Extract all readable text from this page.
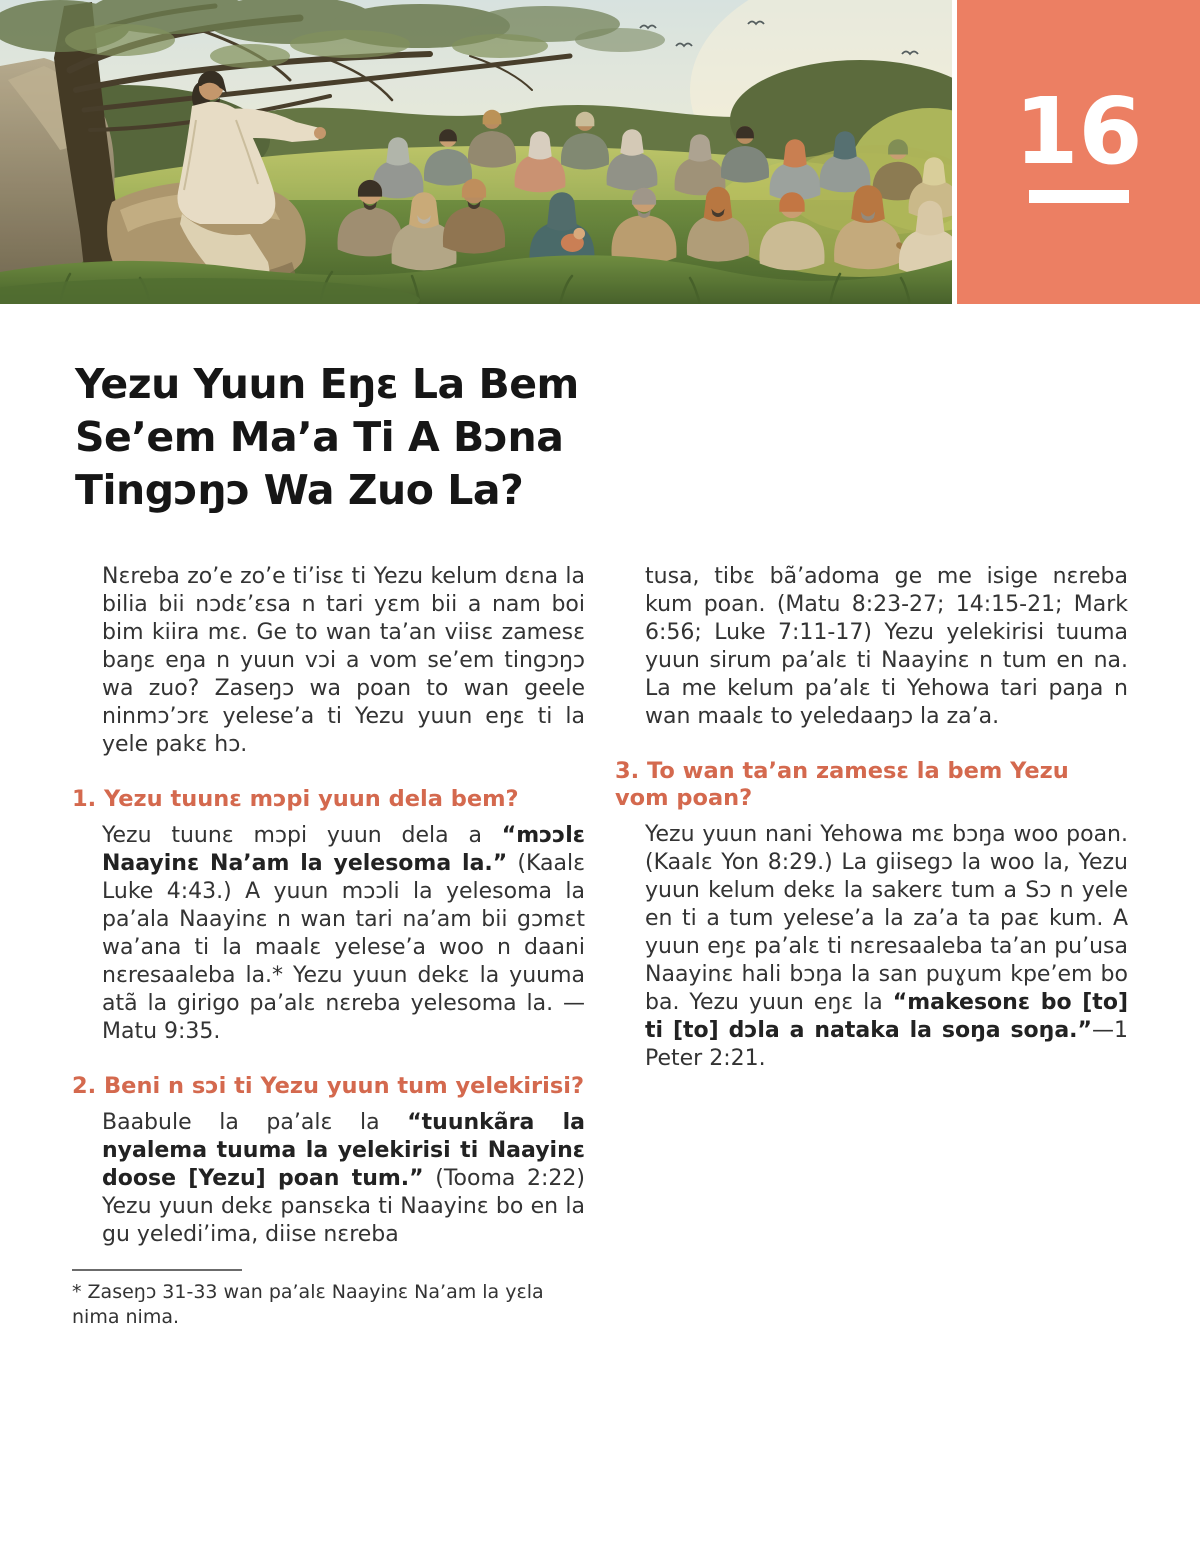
16
Yezu Yuun Eŋɛ La Bem
Se’em Ma’a Ti A Bɔna
Tingɔŋɔ Wa Zuo La?

Nɛreba zo’e zo’e ti’isɛ ti Yezu kelum dɛna la bilia bii nɔdɛ’ɛsa n tari yɛm bii a nam boi bim kiira mɛ. Ge to wan ta’an viisɛ zamesɛ baŋɛ eŋa n yuun vɔi a vom se’em tingɔŋɔ wa zuo? Zaseŋɔ wa poan to wan geele ninmɔ’ɔrɛ yelese’a ti Yezu yuun eŋɛ ti la yele pakɛ hɔ.

1. Yezu tuunɛ mɔpi yuun dela bem?

Yezu tuunɛ mɔpi yuun dela a “mɔɔlɛ Naayinɛ Na’am la yelesoma la.” (Kaalɛ Luke 4:43.) A yuun mɔɔli la yelesoma la pa’ala Naayinɛ n wan tari na’am bii gɔmɛt wa’ana ti la maalɛ yelese’a woo n daani nɛresaaleba la.* Yezu yuun dekɛ la yuuma atã la girigo pa’alɛ nɛreba yelesoma la. —Matu 9:35.

2. Beni n sɔi ti Yezu yuun tum yelekirisi?

Baabule la pa’alɛ la “tuunkãra la nyalema tuuma la yelekirisi ti Naayinɛ doose [Yezu] poan tum.” (Tooma 2:22) Yezu yuun dekɛ pansɛka ti Naayinɛ bo en la gu yeledi’ima, diise nɛreba

* Zaseŋɔ 31-33 wan pa’alɛ Naayinɛ Na’am la yɛla nima nima.

tusa, tibɛ bã’adoma ge me isige nɛreba kum poan. (Matu 8:23-27; 14:15-21; Mark 6:56; Luke 7:11-17) Yezu yelekirisi tuuma yuun sirum pa’alɛ ti Naayinɛ n tum en na. La me kelum pa’alɛ ti Yehowa tari paŋa n wan maalɛ to yeledaaŋɔ la za’a.

3. To wan ta’an zamesɛ la bem Yezu vom poan?

Yezu yuun nani Yehowa mɛ bɔŋa woo poan. (Kaalɛ Yon 8:29.) La giisegɔ la woo la, Yezu yuun kelum dekɛ la sakerɛ tum a Sɔ n yele en ti a tum yelese’a la za’a ta paɛ kum. A yuun eŋɛ pa’alɛ ti nɛresaaleba ta’an pu’usa Naayinɛ hali bɔŋa la san puɣum kpe’em bo ba. Yezu yuun eŋɛ la “makesonɛ bo [to] ti [to] dɔla a nataka la soŋa soŋa.”—1 Peter 2:21.
